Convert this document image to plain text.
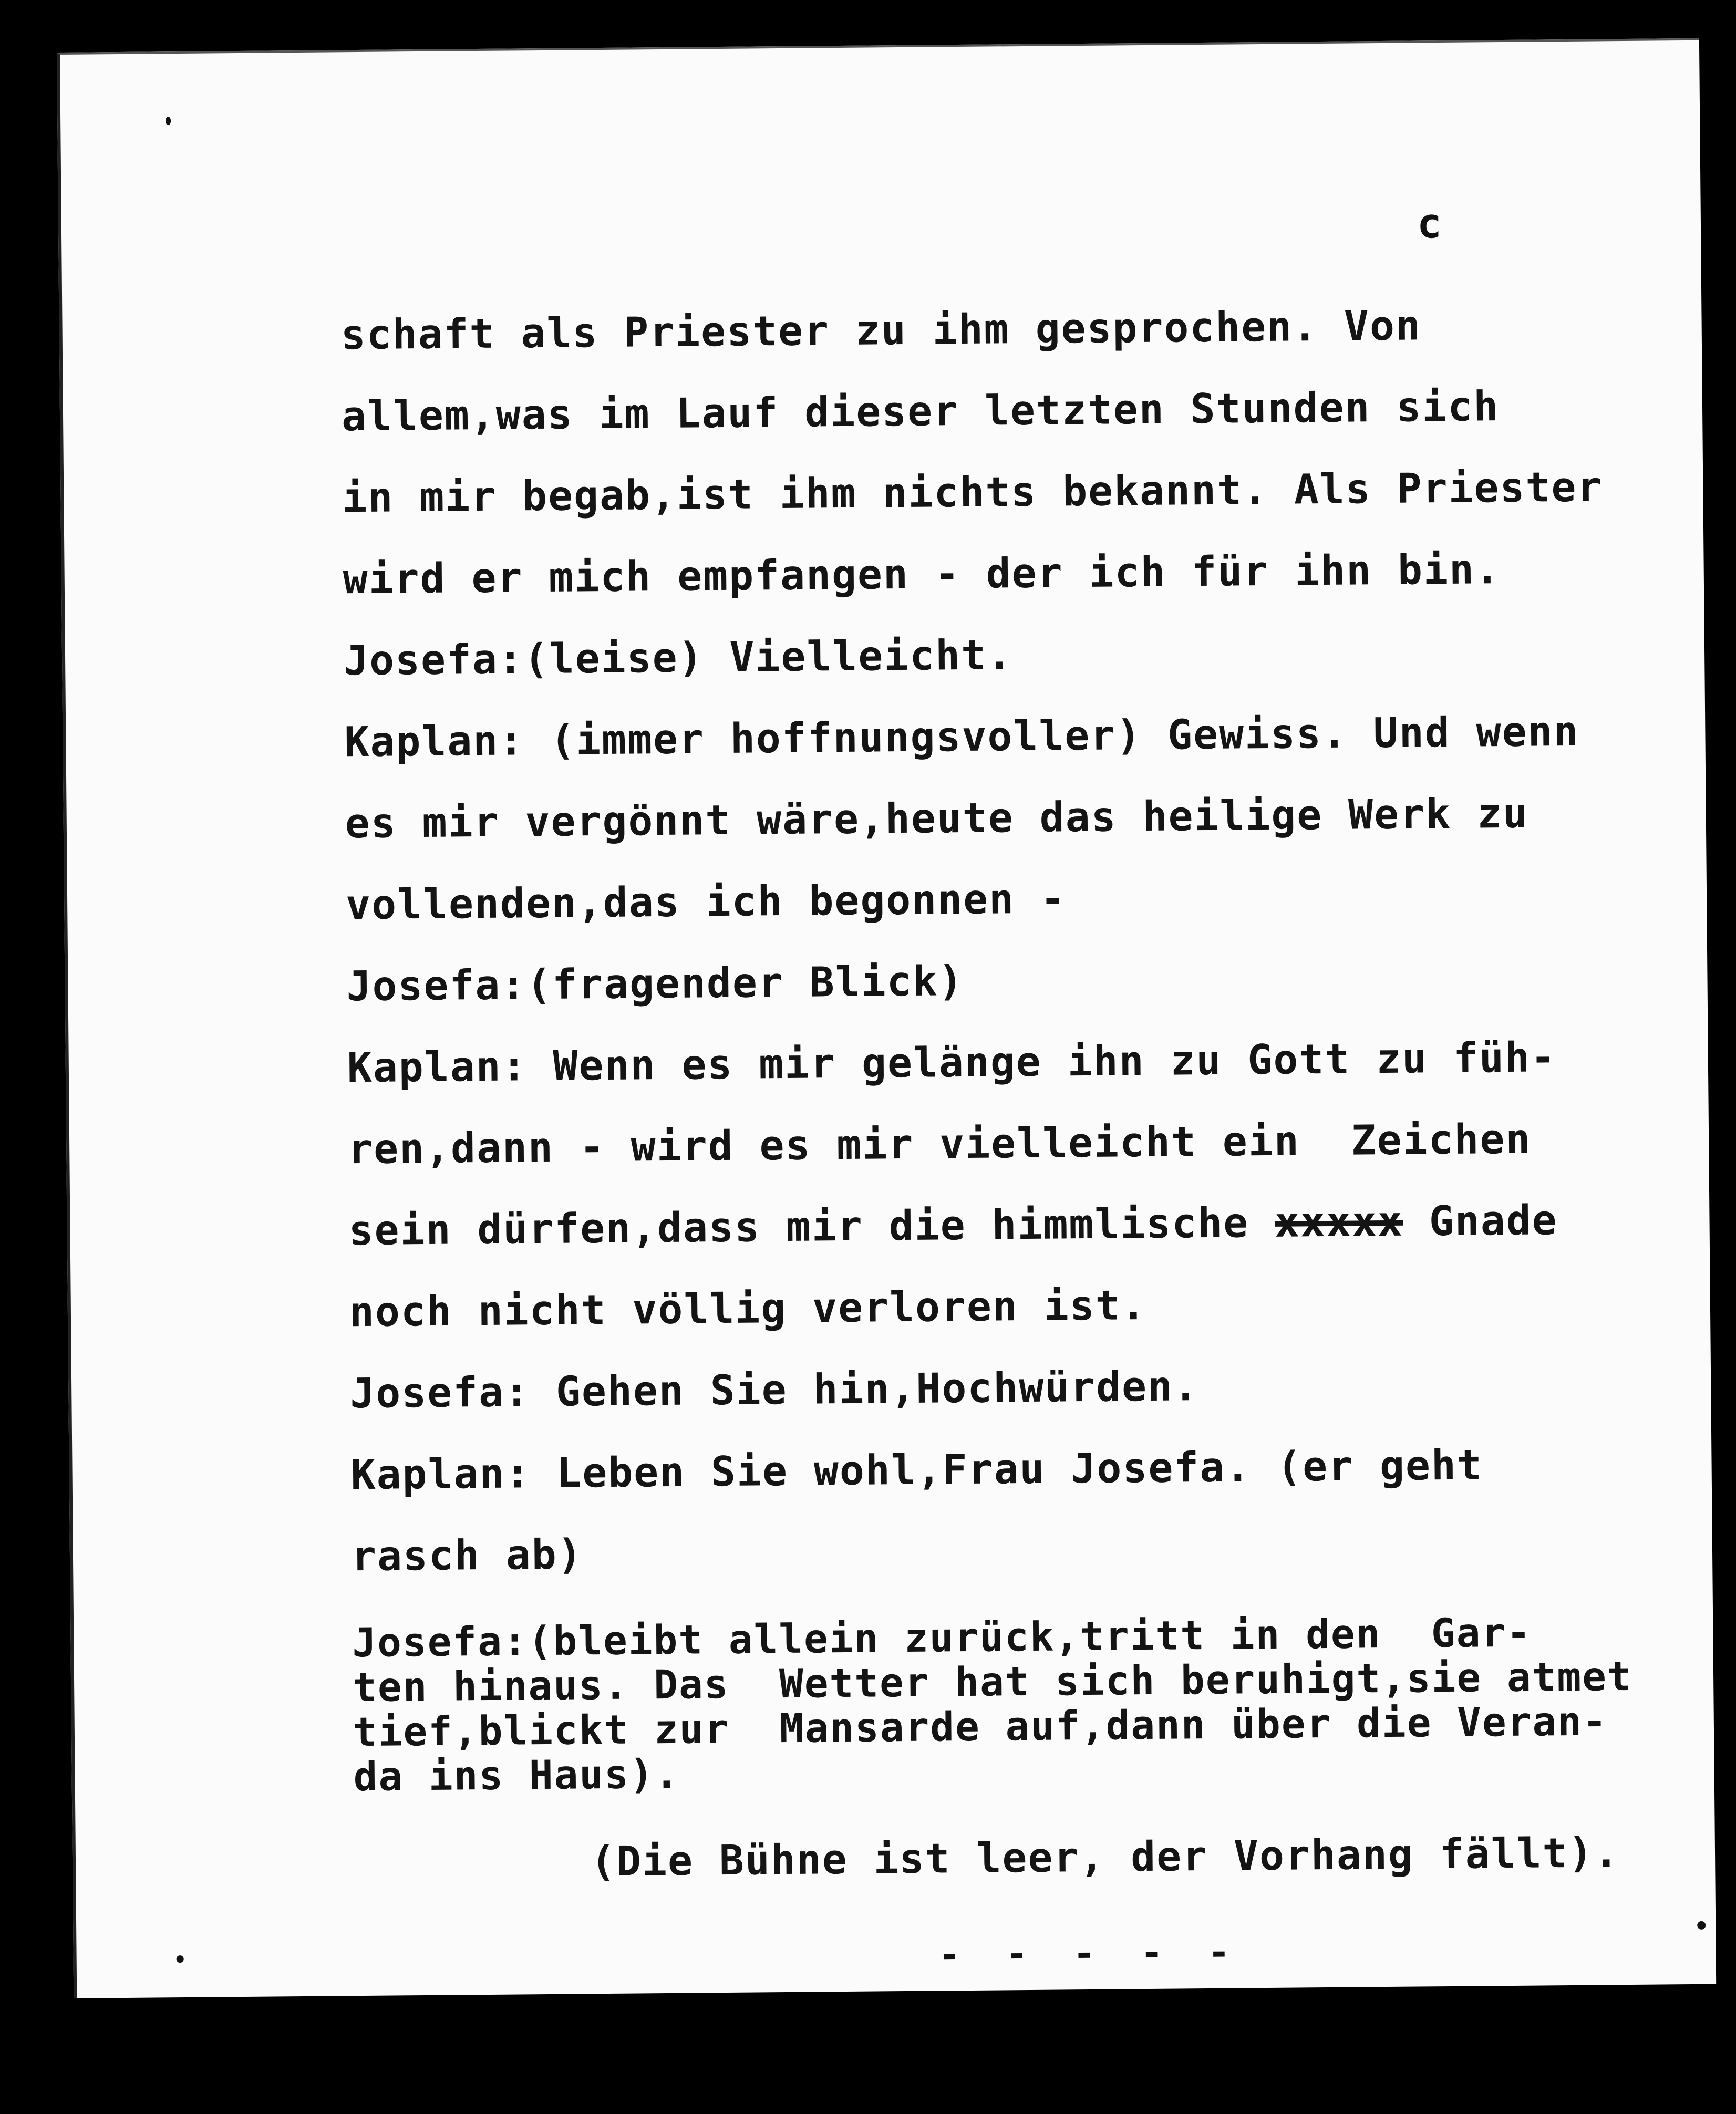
c
schaft als Priester zu ihm gesprochen. Von
allem,was im Lauf dieser letzten Stunden sich
in mir begab,ist ihm nichts bekannt. Als Priester
wird er mich empfangen - der ich für ihn bin.
Josefa:(leise) Vielleicht.
Kaplan: (immer hoffnungsvoller) Gewiss. Und wenn
es mir vergönnt wäre,heute das heilige Werk zu
vollenden,das ich begonnen -
Josefa:(fragender Blick)
Kaplan: Wenn es mir gelänge ihn zu Gott zu füh-
ren,dann - wird es mir vielleicht ein  Zeichen
sein dürfen,dass mir die himmlische xxxxx Gnade
noch nicht völlig verloren ist.
Josefa: Gehen Sie hin,Hochwürden.
Kaplan: Leben Sie wohl,Frau Josefa. (er geht
rasch ab)
Josefa:(bleibt allein zurück,tritt in den  Gar-
ten hinaus. Das  Wetter hat sich beruhigt,sie atmet
tief,blickt zur  Mansarde auf,dann über die Veran-
da ins Haus).
(Die Bühne ist leer, der Vorhang fällt).
- - - - -
